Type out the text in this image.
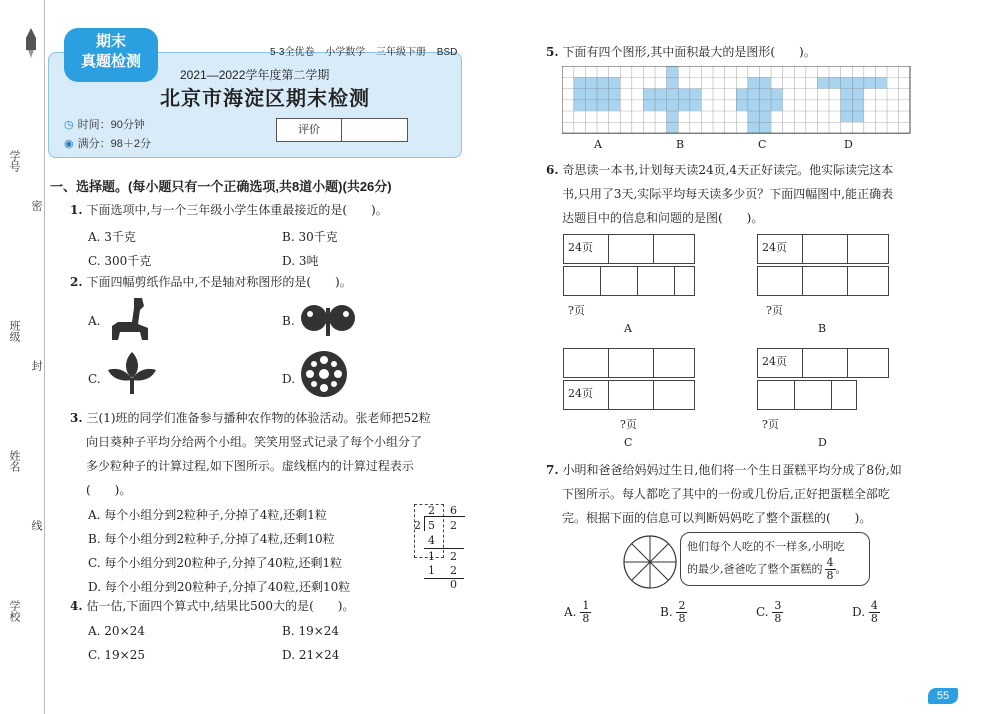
学号
班级
姓名
学校
密
封
线
期末
真题检测
5·3全优卷 小学数学 三年级下册 BSD
2021—2022学年度第二学期
北京市海淀区期末检测
◷ 时间：90分钟
◉ 满分：98＋2分
评价
一、选择题。(每小题只有一个正确选项,共8道小题)(共26分)
1. 下面选项中,与一个三年级小学生体重最接近的是(　　)。
A. 3千克	B. 30千克
C. 300千克	D. 3吨
2. 下面四幅剪纸作品中,不是轴对称图形的是(　　)。
A.	B.
C.	D.
3. 三(1)班的同学们准备参与播种农作物的体验活动。张老师把52粒
向日葵种子平均分给两个小组。笑笑用竖式记录了每个小组分了
多少粒种子的计算过程,如下图所示。虚线框内的计算过程表示
(　　)。
A. 每个小组分到2粒种子,分掉了4粒,还剩1粒
B. 每个小组分到2粒种子,分掉了4粒,还剩10粒
C. 每个小组分到20粒种子,分掉了40粒,还剩1粒
D. 每个小组分到20粒种子,分掉了40粒,还剩10粒
2 6
2 5 2
4
1 2
1 2
0
4. 估一估,下面四个算式中,结果比500大的是(　　)。
A. 20×24	B. 19×24
C. 19×25	D. 21×24
5. 下面有四个图形,其中面积最大的是图形(　　)。
A	B	C	D
6. 奇思读一本书,计划每天读24页,4天正好读完。他实际读完这本
书,只用了3天,实际平均每天读多少页？下面四幅图中,能正确表
达题目中的信息和问题的是图(　　)。
24页
?页
A
24页
?页
B
24页
?页
C
24页
?页
D
7. 小明和爸爸给妈妈过生日,他们将一个生日蛋糕平均分成了8份,如
下图所示。每人都吃了其中的一份或几份后,正好把蛋糕全部吃
完。根据下面的信息可以判断妈妈吃了整个蛋糕的(　　)。
他们每个人吃的不一样多,小明吃
的最少,爸爸吃了整个蛋糕的 $\frac{4}{8}$ 。
A. $\frac{1}{8}$	B. $\frac{2}{8}$	C. $\frac{3}{8}$	D. $\frac{4}{8}$
55
